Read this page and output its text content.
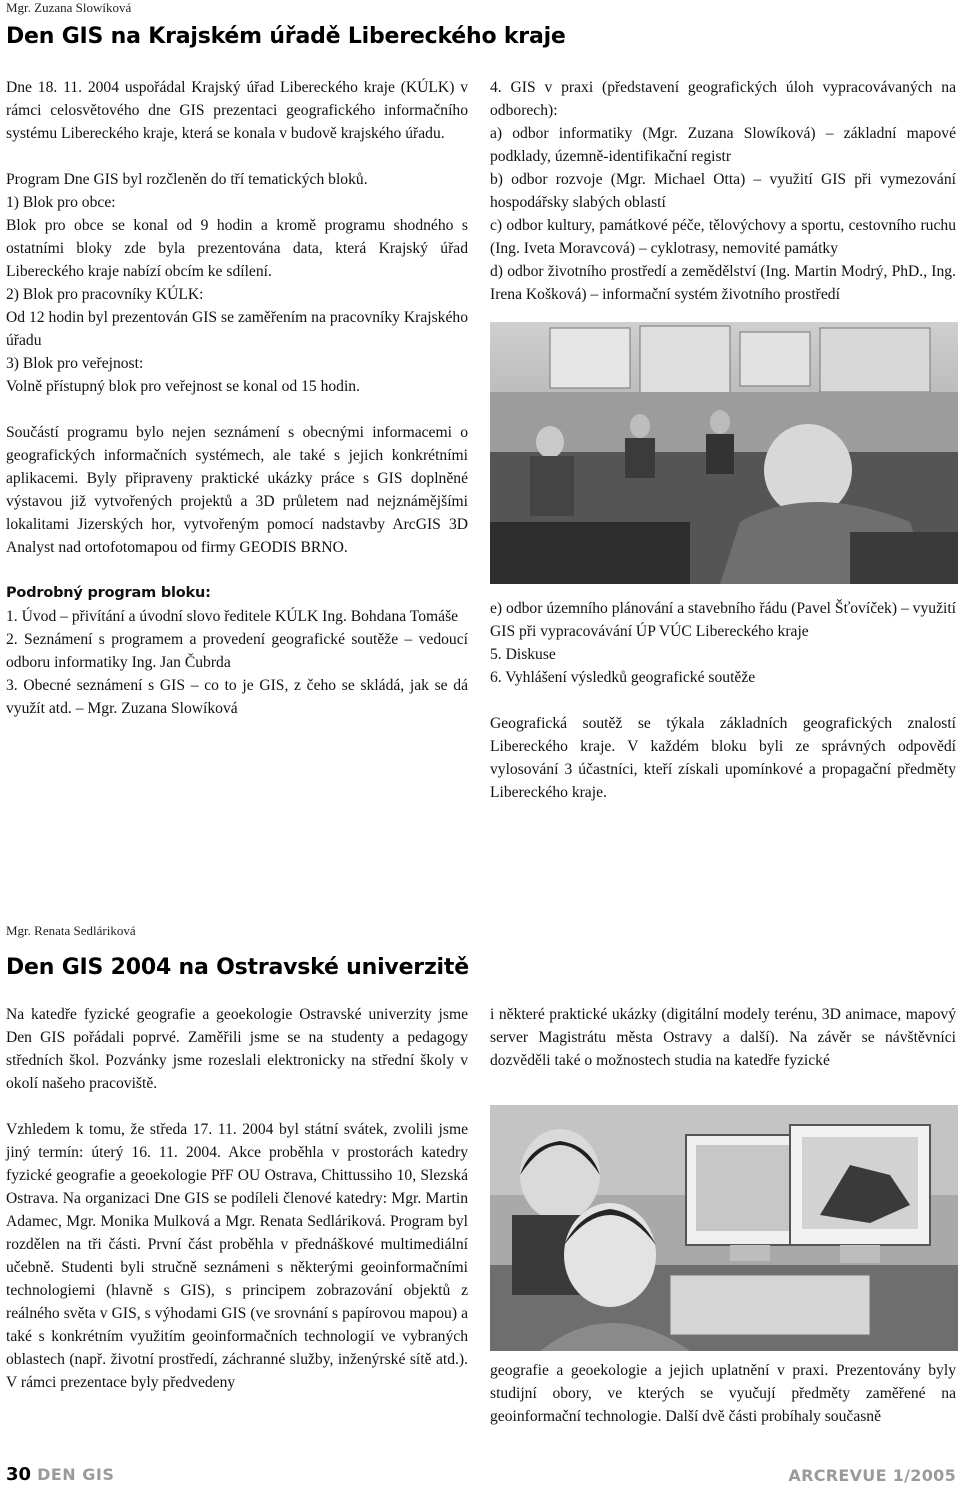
Mgr. Zuzana Slowíková
Den GIS na Krajském úřadě Libereckého kraje

Dne 18. 11. 2004 uspořádal Krajský úřad Libereckého kraje (KÚLK) v rámci celosvětového dne GIS prezentaci geografického informačního systému Libereckého kraje, která se konala v budově krajského úřadu.

Program Dne GIS byl rozčleněn do tří tematických bloků.

1) Blok pro obce:

Blok pro obce se konal od 9 hodin a kromě programu shodného s ostatními bloky zde byla prezentována data, která Krajský úřad Libereckého kraje nabízí obcím ke sdílení.

2) Blok pro pracovníky KÚLK:

Od 12 hodin byl prezentován GIS se zaměřením na pracovníky Krajského úřadu

3) Blok pro veřejnost:

Volně přístupný blok pro veřejnost se konal od 15 hodin.

Součástí programu bylo nejen seznámení s obecnými informacemi o geografických informačních systémech, ale také s jejich konkrétními aplikacemi. Byly připraveny praktické ukázky práce s GIS doplněné výstavou již vytvořených projektů a 3D průletem nad nejznámějšími lokalitami Jizerských hor, vytvořeným pomocí nadstavby ArcGIS 3D Analyst nad ortofotomapou od firmy GEODIS BRNO.

Podrobný program bloku:

1. Úvod – přivítání a úvodní slovo ředitele KÚLK Ing. Bohdana Tomáše

2. Seznámení s programem a provedení geografické soutěže – vedoucí odboru informatiky Ing. Jan Čubrda

3. Obecné seznámení s GIS – co to je GIS, z čeho se skládá, jak se dá využít atd. – Mgr. Zuzana Slowíková

4. GIS v praxi (představení geografických úloh vypracovávaných na odborech):

a) odbor informatiky (Mgr. Zuzana Slowíková) – základní mapové podklady, územně-identifikační registr

b) odbor rozvoje (Mgr. Michael Otta) – využití GIS při vymezování hospodářsky slabých oblastí

c) odbor kultury, památkové péče, tělovýchovy a sportu, cestovního ruchu (Ing. Iveta Moravcová) – cyklotrasy, nemovité památky

d) odbor životního prostředí a zemědělství (Ing. Martin Modrý, PhD., Ing. Irena Košková) – informační systém životního prostředí

e) odbor územního plánování a stavebního řádu (Pavel Šťovíček) – využití GIS při vypracovávání ÚP VÚC Libereckého kraje

5. Diskuse

6. Vyhlášení výsledků geografické soutěže

Geografická soutěž se týkala základních geografických znalostí Libereckého kraje. V každém bloku byli ze správných odpovědí vylosování 3 účastníci, kteří získali upomínkové a propagační předměty Libereckého kraje.

Mgr. Renata Sedláriková
Den GIS 2004 na Ostravské univerzitě

Na katedře fyzické geografie a geoekologie Ostravské univerzity jsme Den GIS pořádali poprvé. Zaměřili jsme se na studenty a pedagogy středních škol. Pozvánky jsme rozeslali elektronicky na střední školy v okolí našeho pracoviště.

Vzhledem k tomu, že středa 17. 11. 2004 byl státní svátek, zvolili jsme jiný termín: úterý 16. 11. 2004. Akce proběhla v prostorách katedry fyzické geografie a geoekologie PřF OU Ostrava, Chittussiho 10, Slezská Ostrava. Na organizaci Dne GIS se podíleli členové katedry: Mgr. Martin Adamec, Mgr. Monika Mulková a Mgr. Renata Sedláriková. Program byl rozdělen na tři části. První část proběhla v přednáškové multimediální učebně. Studenti byli stručně seznámeni s některými geoinformačními technologiemi (hlavně s GIS), s principem zobrazování objektů z reálného světa v GIS, s výhodami GIS (ve srovnání s papírovou mapou) a také s konkrétním využitím geoinformačních technologií ve vybraných oblastech (např. životní prostředí, záchranné služby, inženýrské sítě atd.). V rámci prezentace byly předvedeny

i některé praktické ukázky (digitální modely terénu, 3D animace, mapový server Magistrátu města Ostravy a další). Na závěr se návštěvníci dozvěděli také o možnostech studia na katedře fyzické

geografie a geoekologie a jejich uplatnění v praxi. Prezentovány byly studijní obory, ve kterých se vyučují předměty zaměřené na geoinformační technologie. Další dvě části probíhaly současně

30 DEN GIS	ARCREVUE 1/2005
